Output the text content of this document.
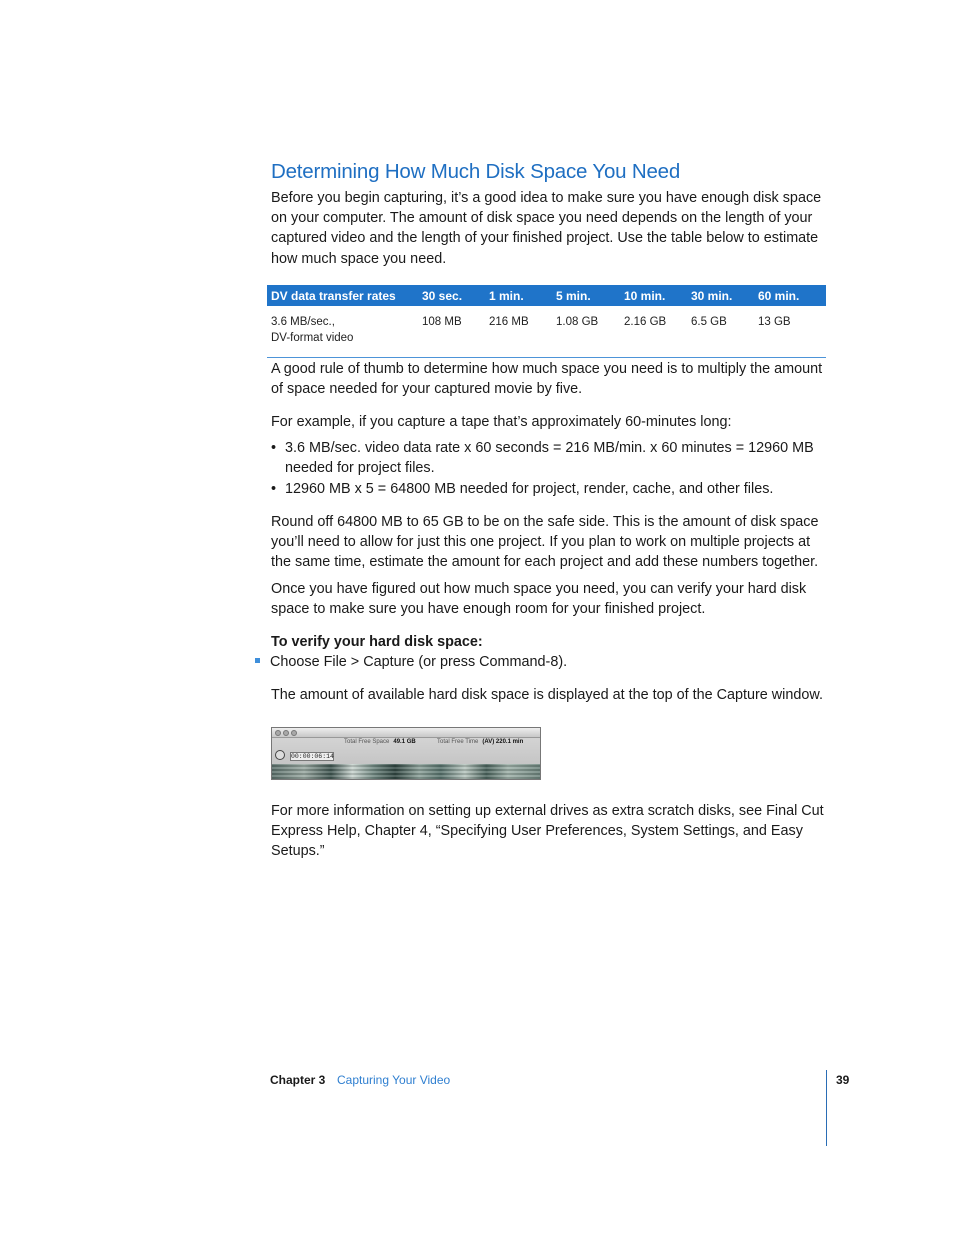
Determining How Much Disk Space You Need

Before you begin capturing, it’s a good idea to make sure you have enough disk space on your computer. The amount of disk space you need depends on the length of your captured video and the length of your finished project. Use the table below to estimate how much space you need.

DV data transfer rates	30 sec.	1 min.	5 min.	10 min.	30 min.	60 min.
3.6 MB/sec.,
DV-format video
108 MB	216 MB	1.08 GB	2.16 GB	6.5 GB	13 GB

A good rule of thumb to determine how much space you need is to multiply the amount of space needed for your captured movie by five.

For example, if you capture a tape that’s approximately 60-minutes long:

• 3.6 MB/sec. video data rate x 60 seconds = 216 MB/min. x 60 minutes = 12960 MB needed for project files.
• 12960 MB x 5 = 64800 MB needed for project, render, cache, and other files.

Round off 64800 MB to 65 GB to be on the safe side. This is the amount of disk space you’ll need to allow for just this one project. If you plan to work on multiple projects at the same time, estimate the amount for each project and add these numbers together.

Once you have figured out how much space you need, you can verify your hard disk space to make sure you have enough room for your finished project.

To verify your hard disk space:
Choose File > Capture (or press Command-8).

The amount of available hard disk space is displayed at the top of the Capture window.

Total Free Space 49.1 GB	Total Free Time (AV) 220.1 min
00:00:06:14

For more information on setting up external drives as extra scratch disks, see Final Cut Express Help, Chapter 4, “Specifying User Preferences, System Settings, and Easy Setups.”

Chapter 3 Capturing Your Video	39
